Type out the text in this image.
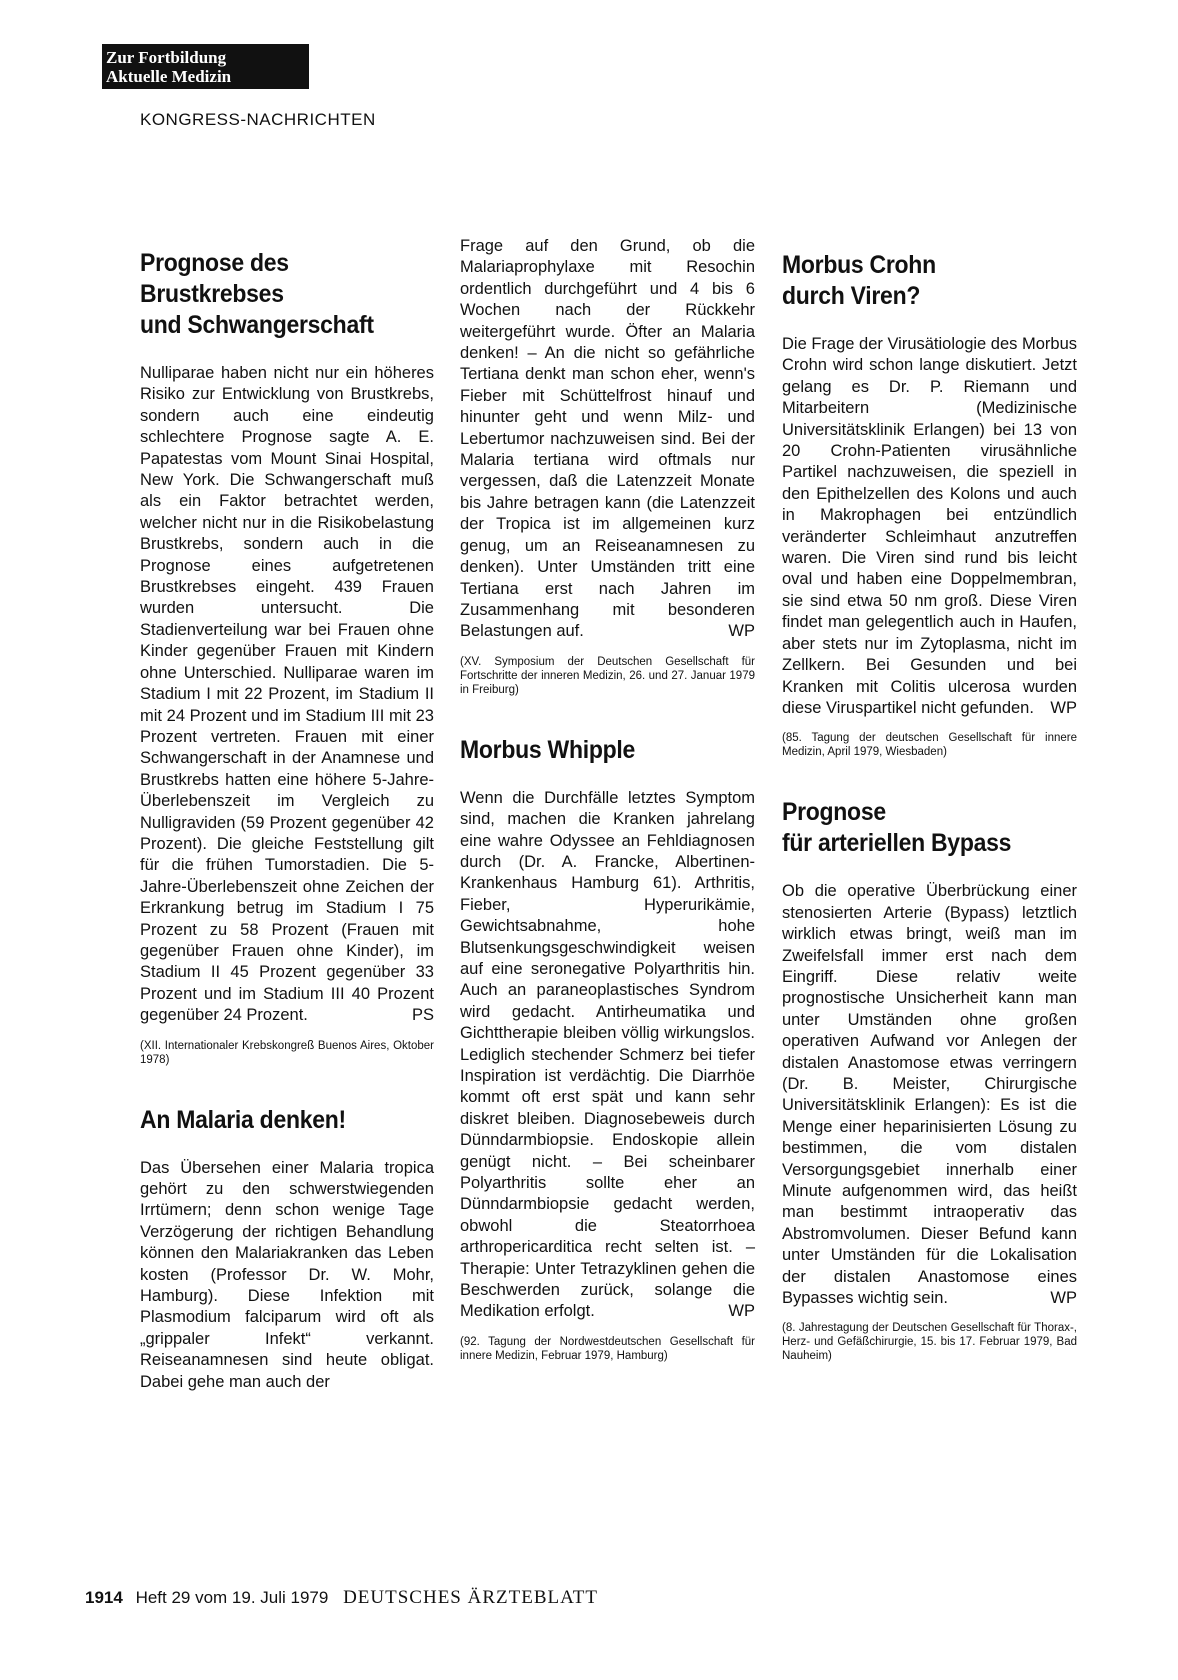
Zur Fortbildung
Aktuelle Medizin
KONGRESS-NACHRICHTEN
Prognose des
Brustkrebses
und Schwangerschaft

Nulliparae haben nicht nur ein höheres Risiko zur Entwicklung von Brustkrebs, sondern auch eine eindeutig schlechtere Prognose sagte A. E. Papatestas vom Mount Sinai Hospital, New York. Die Schwangerschaft muß als ein Faktor betrachtet werden, welcher nicht nur in die Risikobelastung Brustkrebs, sondern auch in die Prognose eines aufgetretenen Brustkrebses eingeht. 439 Frauen wurden untersucht. Die Stadienverteilung war bei Frauen ohne Kinder gegenüber Frauen mit Kindern ohne Unterschied. Nulliparae waren im Stadium I mit 22 Prozent, im Stadium II mit 24 Prozent und im Stadium III mit 23 Prozent vertreten. Frauen mit einer Schwangerschaft in der Anamnese und Brustkrebs hatten eine höhere 5-Jahre-Überlebenszeit im Vergleich zu Nulligraviden (59 Prozent gegenüber 42 Prozent). Die gleiche Feststellung gilt für die frühen Tumorstadien. Die 5-Jahre-Überlebenszeit ohne Zeichen der Erkrankung betrug im Stadium I 75 Prozent zu 58 Prozent (Frauen mit gegenüber Frauen ohne Kinder), im Stadium II 45 Prozent gegenüber 33 Prozent und im Stadium III 40 Prozent gegenüber 24 Prozent.	PS

(XII. Internationaler Krebskongreß Buenos Aires, Oktober 1978)

An Malaria denken!

Das Übersehen einer Malaria tropica gehört zu den schwerstwiegenden Irrtümern; denn schon wenige Tage Verzögerung der richtigen Behandlung können den Malariakranken das Leben kosten (Professor Dr. W. Mohr, Hamburg). Diese Infektion mit Plasmodium falciparum wird oft als „grippaler Infekt“ verkannt. Reiseanamnesen sind heute obligat. Dabei gehe man auch der

Frage auf den Grund, ob die Malariaprophylaxe mit Resochin ordentlich durchgeführt und 4 bis 6 Wochen nach der Rückkehr weitergeführt wurde. Öfter an Malaria denken! – An die nicht so gefährliche Tertiana denkt man schon eher, wenn's Fieber mit Schüttelfrost hinauf und hinunter geht und wenn Milz- und Lebertumor nachzuweisen sind. Bei der Malaria tertiana wird oftmals nur vergessen, daß die Latenzzeit Monate bis Jahre betragen kann (die Latenzzeit der Tropica ist im allgemeinen kurz genug, um an Reiseanamnesen zu denken). Unter Umständen tritt eine Tertiana erst nach Jahren im Zusammenhang mit besonderen Belastungen auf.	WP

(XV. Symposium der Deutschen Gesellschaft für Fortschritte der inneren Medizin, 26. und 27. Januar 1979 in Freiburg)

Morbus Whipple

Wenn die Durchfälle letztes Symptom sind, machen die Kranken jahrelang eine wahre Odyssee an Fehldiagnosen durch (Dr. A. Francke, Albertinen-Krankenhaus Hamburg 61). Arthritis, Fieber, Hyperurikämie, Gewichtsabnahme, hohe Blutsenkungsgeschwindigkeit weisen auf eine seronegative Polyarthritis hin. Auch an paraneoplastisches Syndrom wird gedacht. Antirheumatika und Gichttherapie bleiben völlig wirkungslos. Lediglich stechender Schmerz bei tiefer Inspiration ist verdächtig. Die Diarrhöe kommt oft erst spät und kann sehr diskret bleiben. Diagnosebeweis durch Dünndarmbiopsie. Endoskopie allein genügt nicht. – Bei scheinbarer Polyarthritis sollte eher an Dünndarmbiopsie gedacht werden, obwohl die Steatorrhoea arthropericarditica recht selten ist. – Therapie: Unter Tetrazyklinen gehen die Beschwerden zurück, solange die Medikation erfolgt.	WP

(92. Tagung der Nordwestdeutschen Gesellschaft für innere Medizin, Februar 1979, Hamburg)

Morbus Crohn
durch Viren?

Die Frage der Virusätiologie des Morbus Crohn wird schon lange diskutiert. Jetzt gelang es Dr. P. Riemann und Mitarbeitern (Medizinische Universitätsklinik Erlangen) bei 13 von 20 Crohn-Patienten virusähnliche Partikel nachzuweisen, die speziell in den Epithelzellen des Kolons und auch in Makrophagen bei entzündlich veränderter Schleimhaut anzutreffen waren. Die Viren sind rund bis leicht oval und haben eine Doppelmembran, sie sind etwa 50 nm groß. Diese Viren findet man gelegentlich auch in Haufen, aber stets nur im Zytoplasma, nicht im Zellkern. Bei Gesunden und bei Kranken mit Colitis ulcerosa wurden diese Viruspartikel nicht gefunden. WP

(85. Tagung der deutschen Gesellschaft für innere Medizin, April 1979, Wiesbaden)

Prognose
für arteriellen Bypass

Ob die operative Überbrückung einer stenosierten Arterie (Bypass) letztlich wirklich etwas bringt, weiß man im Zweifelsfall immer erst nach dem Eingriff. Diese relativ weite prognostische Unsicherheit kann man unter Umständen ohne großen operativen Aufwand vor Anlegen der distalen Anastomose etwas verringern (Dr. B. Meister, Chirurgische Universitätsklinik Erlangen): Es ist die Menge einer heparinisierten Lösung zu bestimmen, die vom distalen Versorgungsgebiet innerhalb einer Minute aufgenommen wird, das heißt man bestimmt intraoperativ das Abstromvolumen. Dieser Befund kann unter Umständen für die Lokalisation der distalen Anastomose eines Bypasses wichtig sein.	WP

(8. Jahrestagung der Deutschen Gesellschaft für Thorax-, Herz- und Gefäßchirurgie, 15. bis 17. Februar 1979, Bad Nauheim)

1914 Heft 29 vom 19. Juli 1979 DEUTSCHES ÄRZTEBLATT
